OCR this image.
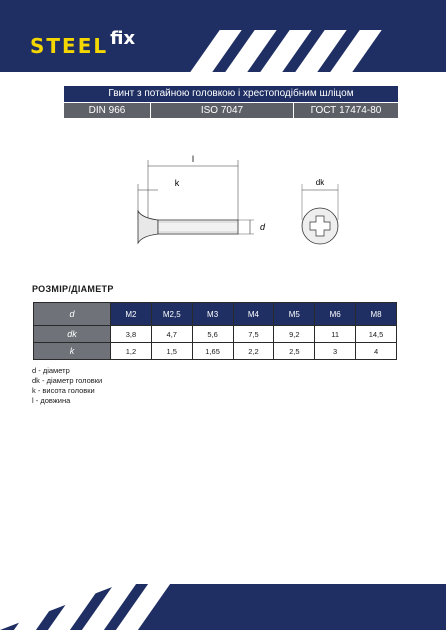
STEEL fix
Гвинт з потайною головкою і хрестоподібним шліцом
DIN 966	ISO 7047	ГОСТ 17474-80
l
k
d
dk
РОЗМІР/ДІАМЕТР
d	M2	M2,5	M3	M4	M5	M6	M8
dk	3,8	4,7	5,6	7,5	9,2	11	14,5
k	1,2	1,5	1,65	2,2	2,5	3	4
d - діаметр
dk - діаметр головки
k - висота головки
l - довжина
